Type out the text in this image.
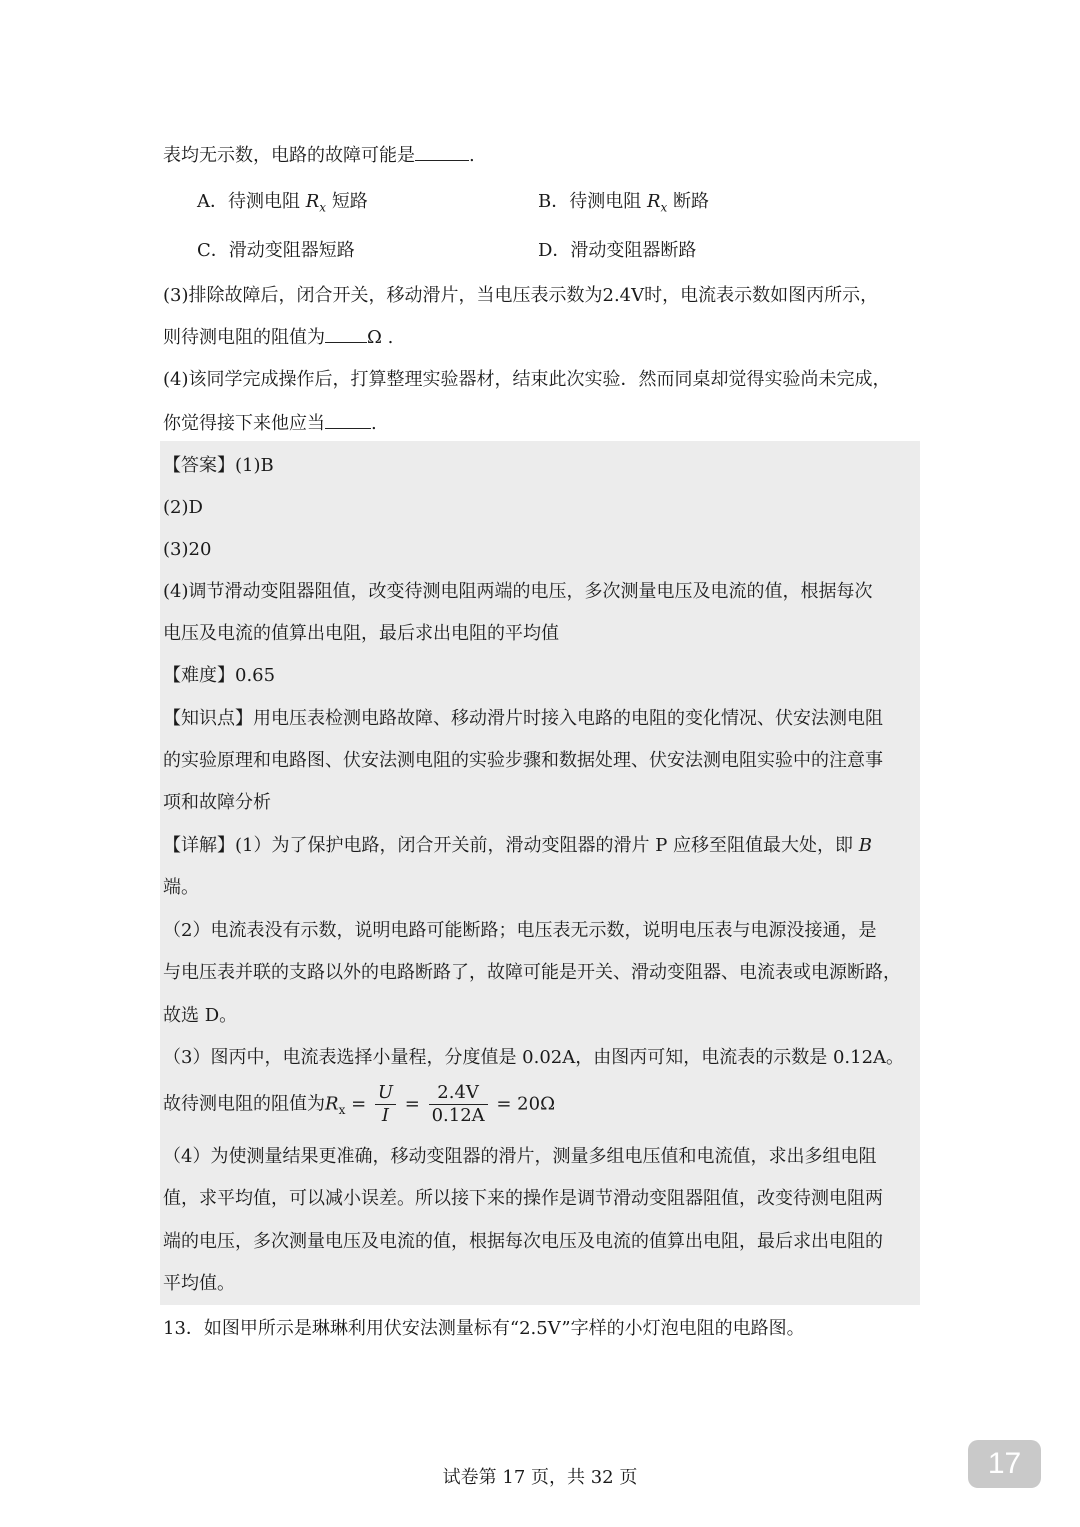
表均无示数，电路的故障可能是	.
A．待测电阻 $R_x$ 短路	B．待测电阻 $R_x$ 断路
C．滑动变阻器短路	D．滑动变阻器断路
(3)排除故障后，闭合开关，移动滑片，当电压表示数为2.4V时，电流表示数如图丙所示，
则待测电阻的阻值为 Ω .
(4)该同学完成操作后，打算整理实验器材，结束此次实验．然而同桌却觉得实验尚未完成，
你觉得接下来他应当	.
【答案】(1)B
(2)D
(3)20
(4)调节滑动变阻器阻值，改变待测电阻两端的电压，多次测量电压及电流的值，根据每次
电压及电流的值算出电阻，最后求出电阻的平均值
【难度】0.65
【知识点】用电压表检测电路故障、移动滑片时接入电路的电阻的变化情况、伏安法测电阻
的实验原理和电路图、伏安法测电阻的实验步骤和数据处理、伏安法测电阻实验中的注意事
项和故障分析
【详解】(1）为了保护电路，闭合开关前，滑动变阻器的滑片 P 应移至阻值最大处，即 B
端。
（2）电流表没有示数，说明电路可能断路；电压表无示数，说明电压表与电源没接通，是
与电压表并联的支路以外的电路断路了，故障可能是开关、滑动变阻器、电流表或电源断路，
故选 D。
（3）图丙中，电流表选择小量程，分度值是 0.02A，由图丙可知，电流表的示数是 0.12A。
故待测电阻的阻值为$R_x = \frac{U}{I} = \frac{2.4V}{0.12A} = 20\Omega$
（4）为使测量结果更准确，移动变阻器的滑片，测量多组电压值和电流值，求出多组电阻
值，求平均值，可以减小误差。所以接下来的操作是调节滑动变阻器阻值，改变待测电阻两
端的电压，多次测量电压及电流的值，根据每次电压及电流的值算出电阻，最后求出电阻的
平均值。
13．如图甲所示是琳琳利用伏安法测量标有“2.5V”字样的小灯泡电阻的电路图。
试卷第 17 页，共 32 页	17
